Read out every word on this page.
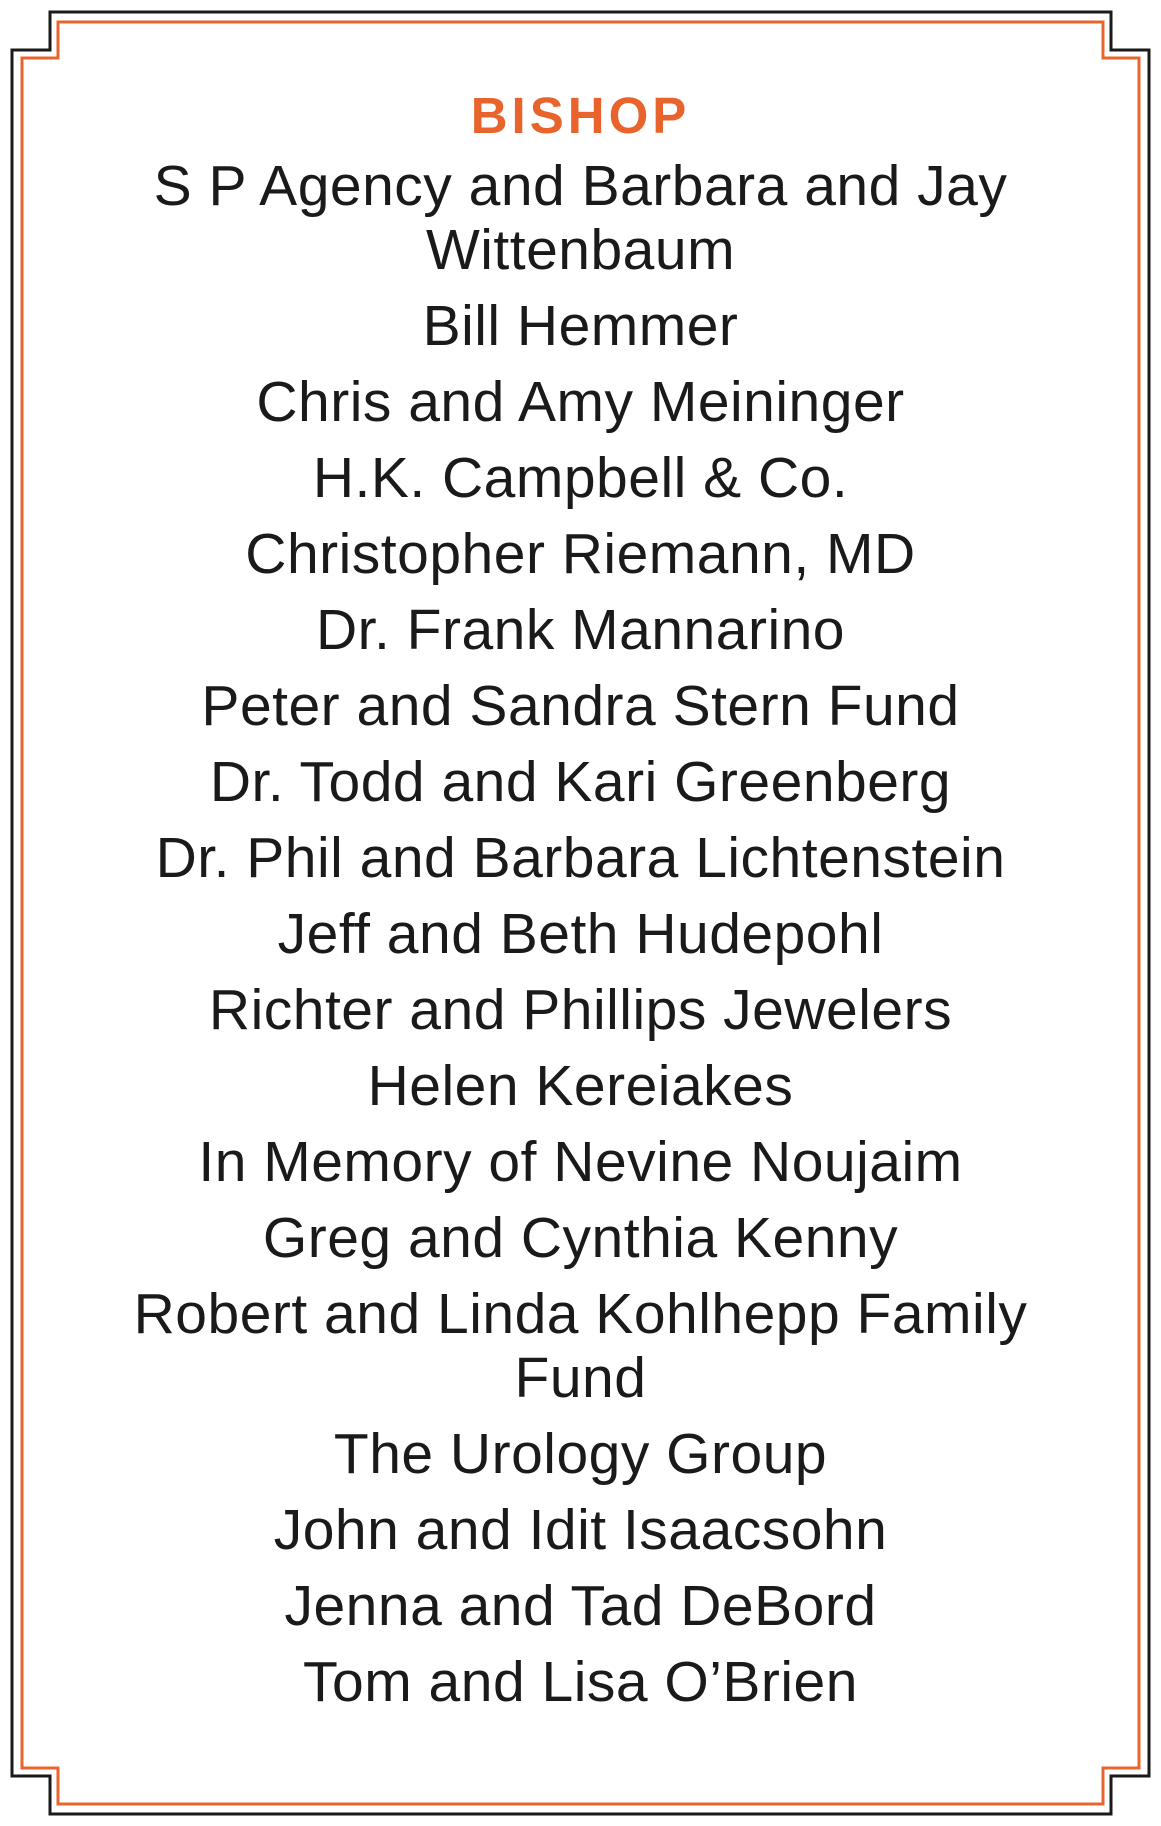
BISHOP
S P Agency and Barbara and Jay Wittenbaum
Bill Hemmer
Chris and Amy Meininger
H.K. Campbell & Co.
Christopher Riemann, MD
Dr. Frank Mannarino
Peter and Sandra Stern Fund
Dr. Todd and Kari Greenberg
Dr. Phil and Barbara Lichtenstein
Jeff and Beth Hudepohl
Richter and Phillips Jewelers
Helen Kereiakes
In Memory of Nevine Noujaim
Greg and Cynthia Kenny
Robert and Linda Kohlhepp Family Fund
The Urology Group
John and Idit Isaacsohn
Jenna and Tad DeBord
Tom and Lisa O’Brien
